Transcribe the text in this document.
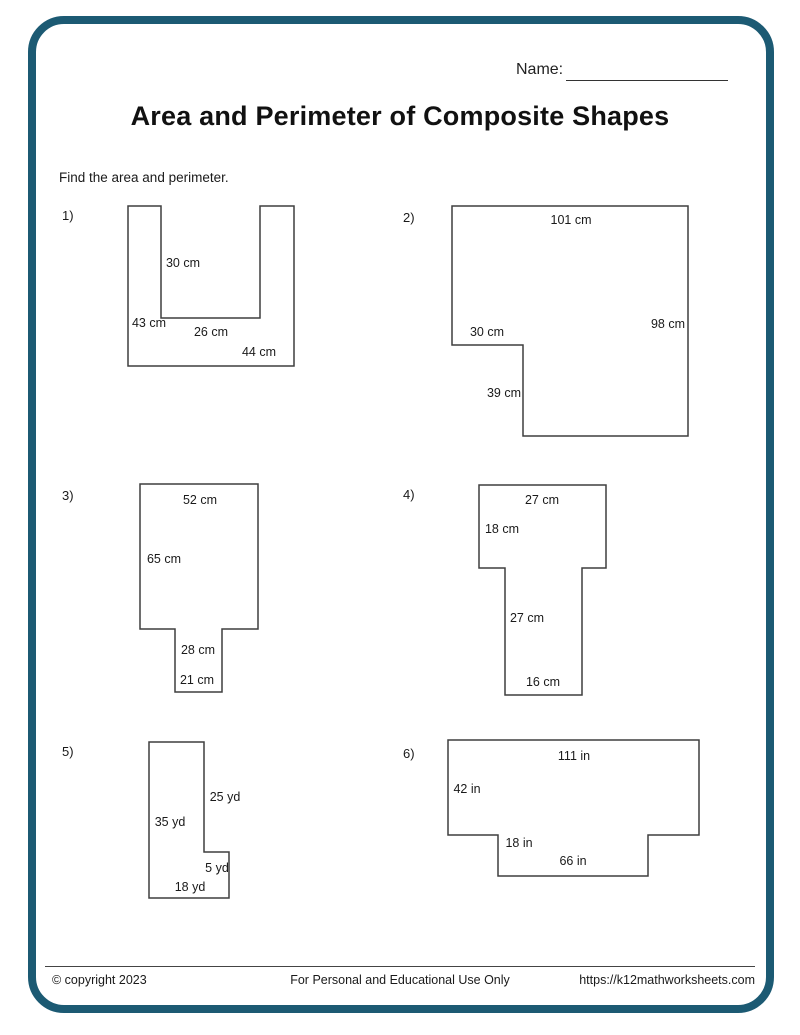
Name:
Area and Perimeter of Composite Shapes

Find the area and perimeter.

1)	2)
3)	4)
5)	6)
30 cm
43 cm
26 cm
44 cm
101 cm
98 cm
30 cm
39 cm
52 cm
65 cm
28 cm
21 cm
27 cm
18 cm
27 cm
16 cm
25 yd
35 yd
5 yd
18 yd
111 in
42 in
18 in
66 in
© copyright 2023	For Personal and Educational Use Only	https://k12mathworksheets.com
